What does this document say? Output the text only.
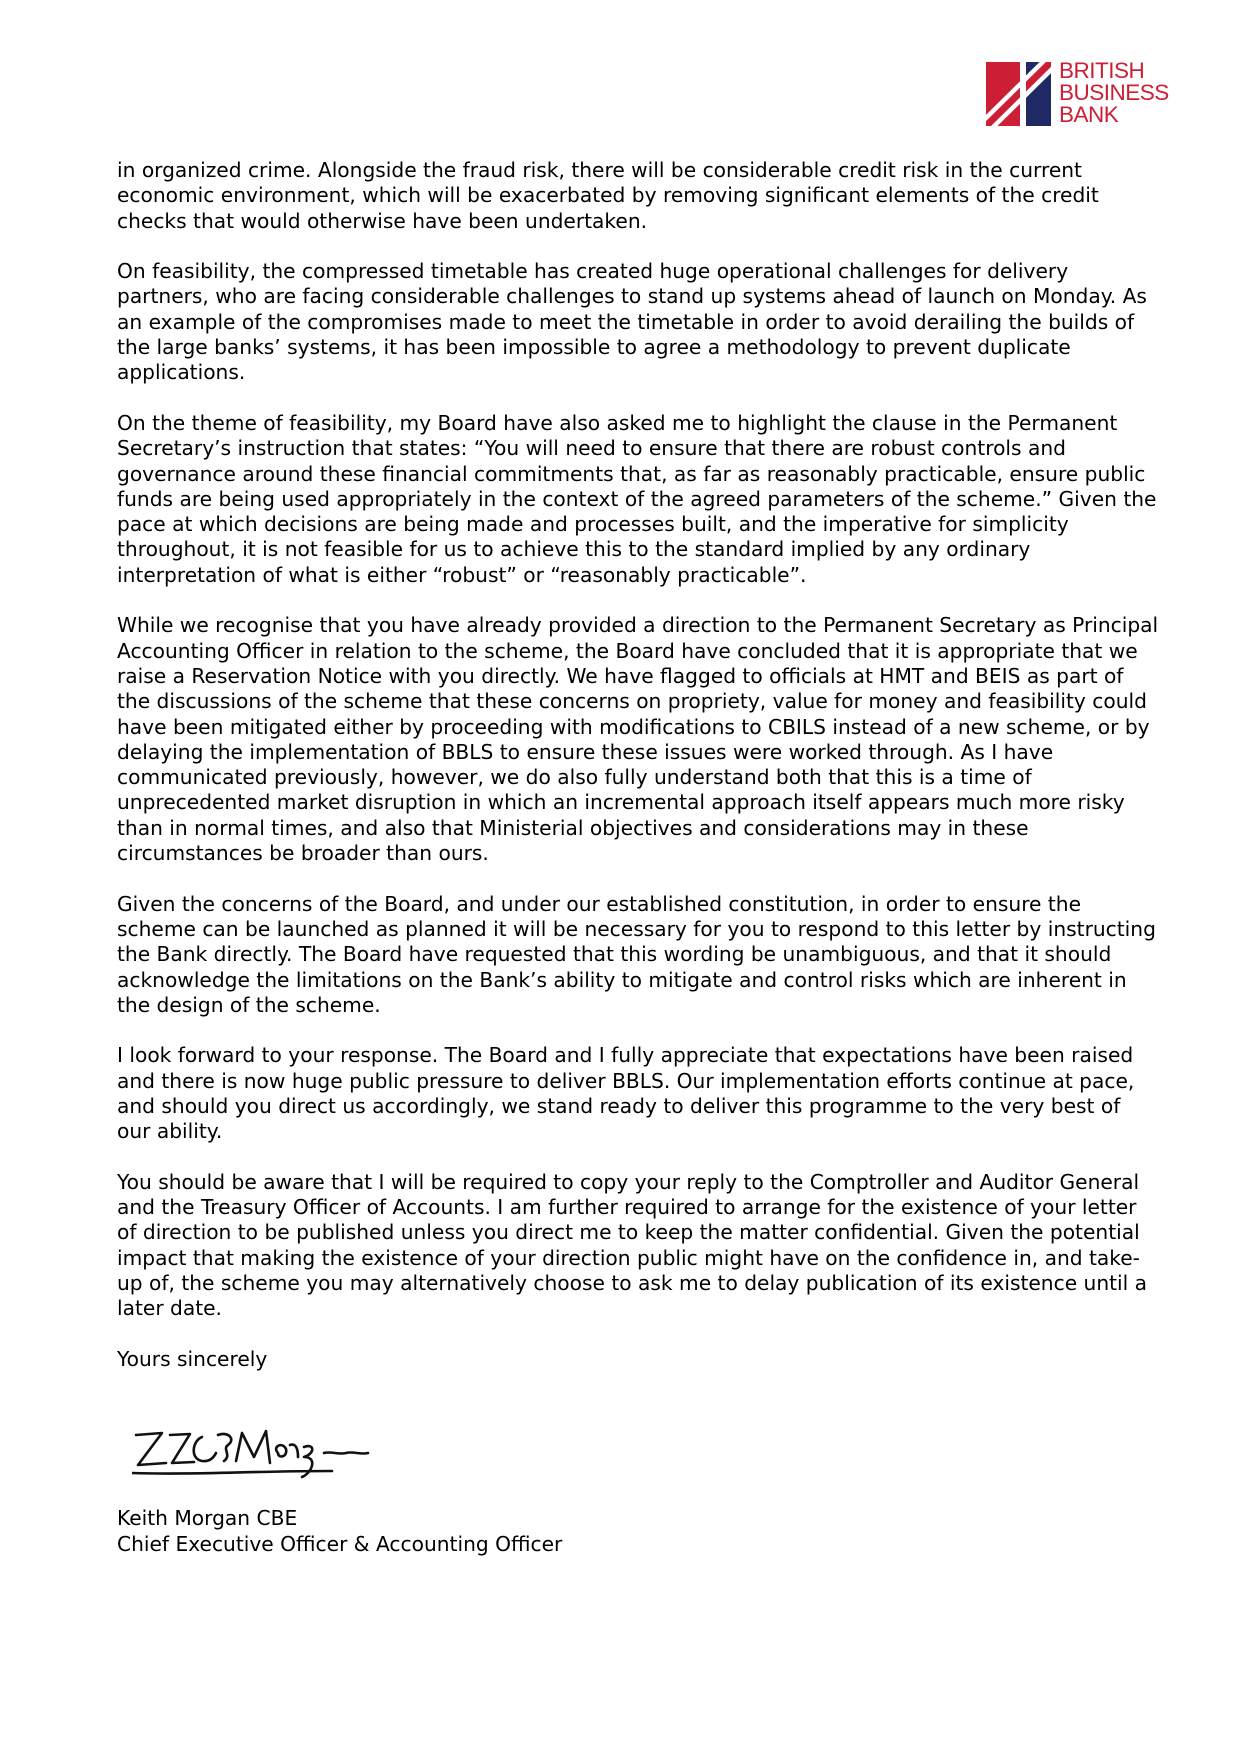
BRITISH
BUSINESS
BANK

in organized crime. Alongside the fraud risk, there will be considerable credit risk in the current economic environment, which will be exacerbated by removing significant elements of the credit checks that would otherwise have been undertaken.

On feasibility, the compressed timetable has created huge operational challenges for delivery partners, who are facing considerable challenges to stand up systems ahead of launch on Monday. As an example of the compromises made to meet the timetable in order to avoid derailing the builds of the large banks’ systems, it has been impossible to agree a methodology to prevent duplicate applications.

On the theme of feasibility, my Board have also asked me to highlight the clause in the Permanent Secretary’s instruction that states: “You will need to ensure that there are robust controls and governance around these financial commitments that, as far as reasonably practicable, ensure public funds are being used appropriately in the context of the agreed parameters of the scheme.” Given the pace at which decisions are being made and processes built, and the imperative for simplicity throughout, it is not feasible for us to achieve this to the standard implied by any ordinary interpretation of what is either “robust” or “reasonably practicable”.

While we recognise that you have already provided a direction to the Permanent Secretary as Principal Accounting Officer in relation to the scheme, the Board have concluded that it is appropriate that we raise a Reservation Notice with you directly. We have flagged to officials at HMT and BEIS as part of the discussions of the scheme that these concerns on propriety, value for money and feasibility could have been mitigated either by proceeding with modifications to CBILS instead of a new scheme, or by delaying the implementation of BBLS to ensure these issues were worked through. As I have communicated previously, however, we do also fully understand both that this is a time of unprecedented market disruption in which an incremental approach itself appears much more risky than in normal times, and also that Ministerial objectives and considerations may in these circumstances be broader than ours.

Given the concerns of the Board, and under our established constitution, in order to ensure the scheme can be launched as planned it will be necessary for you to respond to this letter by instructing the Bank directly. The Board have requested that this wording be unambiguous, and that it should acknowledge the limitations on the Bank’s ability to mitigate and control risks which are inherent in the design of the scheme.

I look forward to your response. The Board and I fully appreciate that expectations have been raised and there is now huge public pressure to deliver BBLS. Our implementation efforts continue at pace, and should you direct us accordingly, we stand ready to deliver this programme to the very best of our ability.

You should be aware that I will be required to copy your reply to the Comptroller and Auditor General and the Treasury Officer of Accounts. I am further required to arrange for the existence of your letter of direction to be published unless you direct me to keep the matter confidential. Given the potential impact that making the existence of your direction public might have on the confidence in, and take-up of, the scheme you may alternatively choose to ask me to delay publication of its existence until a later date.

Yours sincerely

Keith Morgan CBE
Chief Executive Officer & Accounting Officer
